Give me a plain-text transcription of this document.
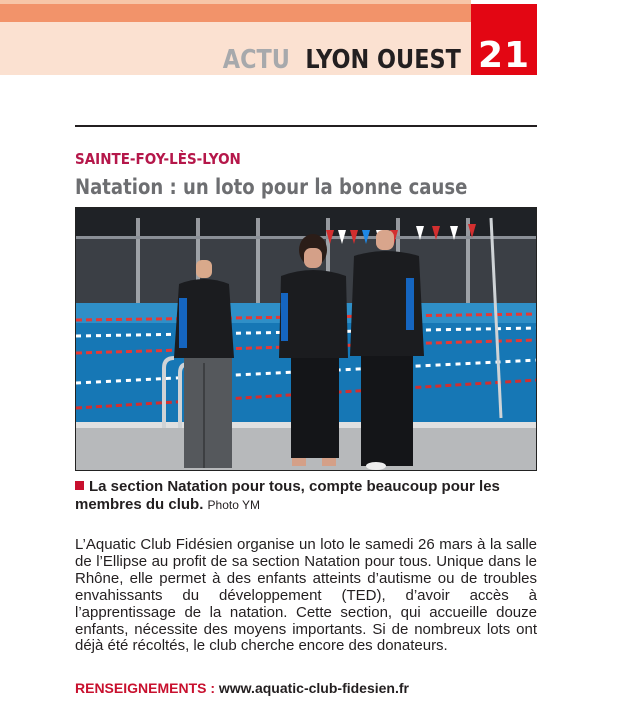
21
ACTU LYON OUEST
SAINTE-FOY-LÈS-LYON
Natation : un loto pour la bonne cause
La section Natation pour tous, compte beaucoup pour les membres du club. Photo YM
L’Aquatic Club Fidésien organise un loto le samedi 26 mars à la salle de l’Ellipse au profit de sa section Natation pour tous. Unique dans le Rhône, elle permet à des enfants atteints d’autisme ou de troubles envahissants du développement (TED), d’avoir accès à l’apprentissage de la natation. Cette section, qui accueille douze enfants, nécessite des moyens importants. Si de nombreux lots ont déjà été récoltés, le club cherche encore des donateurs.
RENSEIGNEMENTS : www.aquatic-club-fidesien.fr
